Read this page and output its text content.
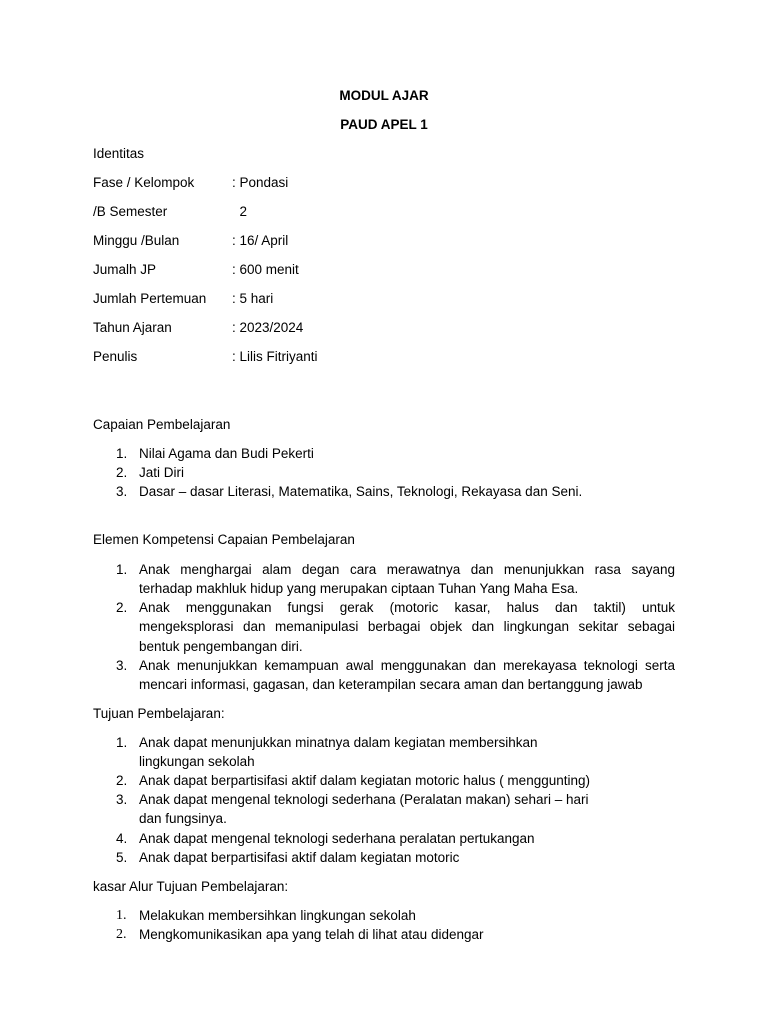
MODUL AJAR
PAUD APEL 1
Identitas
Fase / Kelompok	: Pondasi
/B Semester	2
Minggu /Bulan	: 16/ April
Jumalh JP	: 600 menit
Jumlah Pertemuan : 5 hari
Tahun Ajaran	: 2023/2024
Penulis	: Lilis Fitriyanti
Capaian Pembelajaran
1. Nilai Agama dan Budi Pekerti
2. Jati Diri
3. Dasar – dasar Literasi, Matematika, Sains, Teknologi, Rekayasa dan Seni.
Elemen Kompetensi Capaian Pembelajaran
1. Anak menghargai alam degan cara merawatnya dan menunjukkan rasa sayang
terhadap makhluk hidup yang merupakan ciptaan Tuhan Yang Maha Esa.
2. Anak menggunakan fungsi gerak (motoric kasar, halus dan taktil) untuk
mengeksplorasi dan memanipulasi berbagai objek dan lingkungan sekitar sebagai
bentuk pengembangan diri.
3. Anak menunjukkan kemampuan awal menggunakan dan merekayasa teknologi serta
mencari informasi, gagasan, dan keterampilan secara aman dan bertanggung jawab
Tujuan Pembelajaran:
1. Anak dapat menunjukkan minatnya dalam kegiatan membersihkan
lingkungan sekolah
2. Anak dapat berpartisifasi aktif dalam kegiatan motoric halus ( menggunting)
3. Anak dapat mengenal teknologi sederhana (Peralatan makan) sehari – hari
dan fungsinya.
4. Anak dapat mengenal teknologi sederhana peralatan pertukangan
5. Anak dapat berpartisifasi aktif dalam kegiatan motoric
kasar Alur Tujuan Pembelajaran:
1. Melakukan membersihkan lingkungan sekolah
2. Mengkomunikasikan apa yang telah di lihat atau didengar
